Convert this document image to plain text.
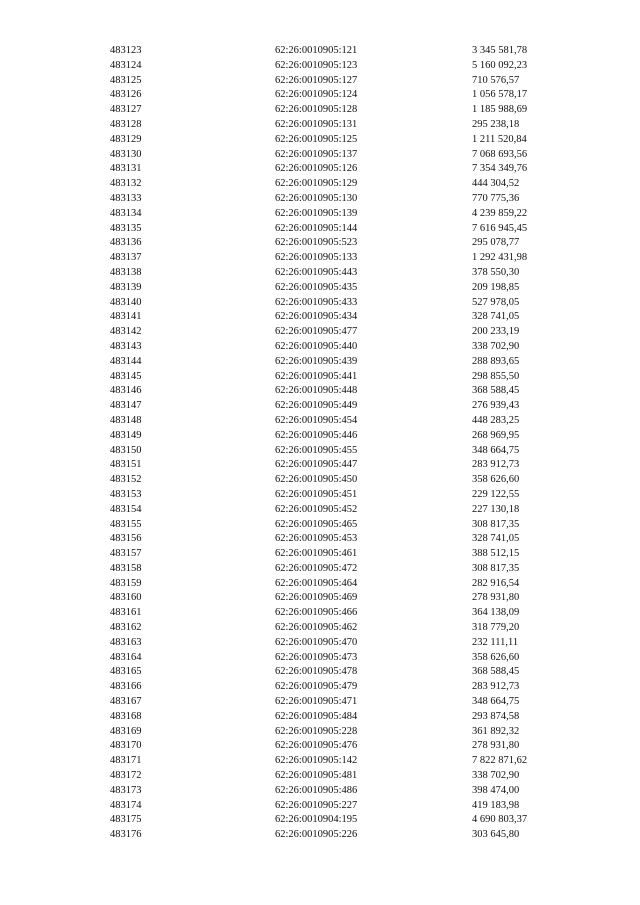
483123	62:26:0010905:121	3 345 581,78
483124	62:26:0010905:123	5 160 092,23
483125	62:26:0010905:127	710 576,57
483126	62:26:0010905:124	1 056 578,17
483127	62:26:0010905:128	1 185 988,69
483128	62:26:0010905:131	295 238,18
483129	62:26:0010905:125	1 211 520,84
483130	62:26:0010905:137	7 068 693,56
483131	62:26:0010905:126	7 354 349,76
483132	62:26:0010905:129	444 304,52
483133	62:26:0010905:130	770 775,36
483134	62:26:0010905:139	4 239 859,22
483135	62:26:0010905:144	7 616 945,45
483136	62:26:0010905:523	295 078,77
483137	62:26:0010905:133	1 292 431,98
483138	62:26:0010905:443	378 550,30
483139	62:26:0010905:435	209 198,85
483140	62:26:0010905:433	527 978,05
483141	62:26:0010905:434	328 741,05
483142	62:26:0010905:477	200 233,19
483143	62:26:0010905:440	338 702,90
483144	62:26:0010905:439	288 893,65
483145	62:26:0010905:441	298 855,50
483146	62:26:0010905:448	368 588,45
483147	62:26:0010905:449	276 939,43
483148	62:26:0010905:454	448 283,25
483149	62:26:0010905:446	268 969,95
483150	62:26:0010905:455	348 664,75
483151	62:26:0010905:447	283 912,73
483152	62:26:0010905:450	358 626,60
483153	62:26:0010905:451	229 122,55
483154	62:26:0010905:452	227 130,18
483155	62:26:0010905:465	308 817,35
483156	62:26:0010905:453	328 741,05
483157	62:26:0010905:461	388 512,15
483158	62:26:0010905:472	308 817,35
483159	62:26:0010905:464	282 916,54
483160	62:26:0010905:469	278 931,80
483161	62:26:0010905:466	364 138,09
483162	62:26:0010905:462	318 779,20
483163	62:26:0010905:470	232 111,11
483164	62:26:0010905:473	358 626,60
483165	62:26:0010905:478	368 588,45
483166	62:26:0010905:479	283 912,73
483167	62:26:0010905:471	348 664,75
483168	62:26:0010905:484	293 874,58
483169	62:26:0010905:228	361 892,32
483170	62:26:0010905:476	278 931,80
483171	62:26:0010905:142	7 822 871,62
483172	62:26:0010905:481	338 702,90
483173	62:26:0010905:486	398 474,00
483174	62:26:0010905:227	419 183,98
483175	62:26:0010904:195	4 690 803,37
483176	62:26:0010905:226	303 645,80
